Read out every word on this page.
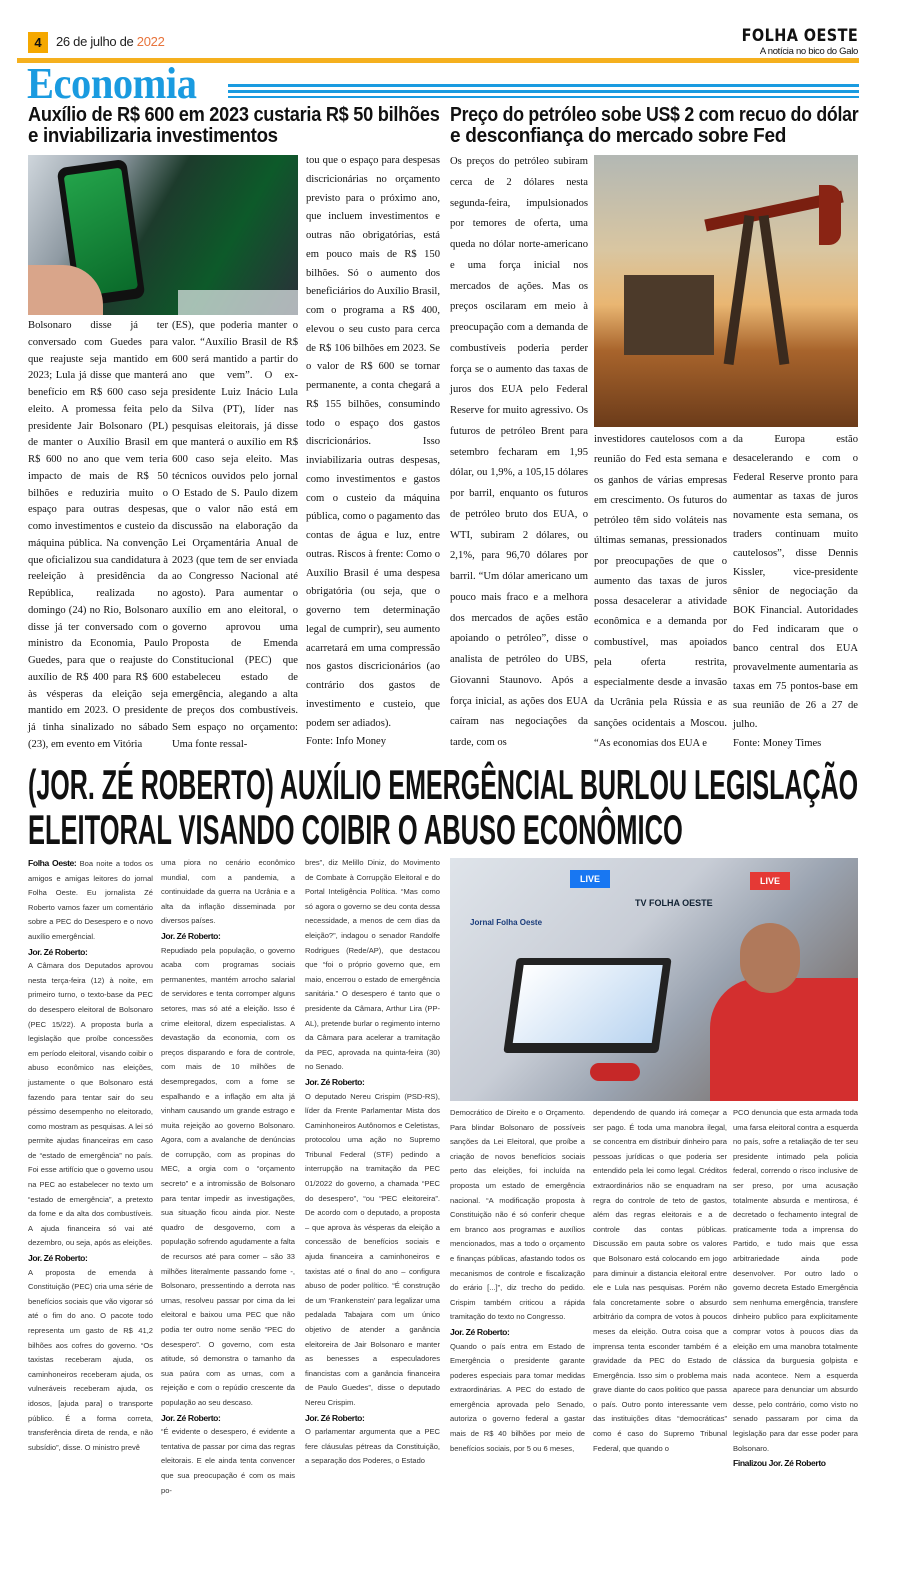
4	26 de julho de 2022	FOLHA OESTE
A notícia no bico do Galo
Economia
Auxílio de R$ 600 em 2023 custaria R$ 50 bilhões
e inviabilizaria investimentos

Bolsonaro disse já ter conversado com Guedes para que reajuste seja mantido em 2023; Lula já disse que manterá benefício em R$ 600 caso seja eleito. A promessa feita pelo presidente Jair Bolsonaro (PL) de manter o Auxílio Brasil em R$ 600 no ano que vem teria impacto de mais de R$ 50 bilhões e reduziria muito o espaço para outras despesas, como investimentos e custeio da máquina pública. Na convenção que oficializou sua candidatura à reeleição à presidência da República, realizada no domingo (24) no Rio, Bolsonaro disse já ter conversado com o ministro da Economia, Paulo Guedes, para que o reajuste do auxílio de R$ 400 para R$ 600 às vésperas da eleição seja mantido em 2023. O presidente já tinha sinalizado no sábado (23), em evento em Vitória

(ES), que poderia manter o valor. “Auxílio Brasil de R$ 600 será mantido a partir do ano que vem”. O ex-presidente Luiz Inácio Lula da Silva (PT), líder nas pesquisas eleitorais, já disse que manterá o auxílio em R$ 600 caso seja eleito. Mas técnicos ouvidos pelo jornal O Estado de S. Paulo dizem que o valor não está em discussão na elaboração da Lei Orçamentária Anual de 2023 (que tem de ser enviada ao Congresso Nacional até agosto). Para aumentar o auxílio em ano eleitoral, o governo aprovou uma Proposta de Emenda Constitucional (PEC) que estabeleceu estado de emergência, alegando a alta de preços dos combustíveis. Sem espaço no orçamento: Uma fonte ressal-

tou que o espaço para despesas discricionárias no orçamento previsto para o próximo ano, que incluem investimentos e outras não obrigatórias, está em pouco mais de R$ 150 bilhões. Só o aumento dos beneficiários do Auxílio Brasil, com o programa a R$ 400, elevou o seu custo para cerca de R$ 106 bilhões em 2023. Se o valor de R$ 600 se tornar permanente, a conta chegará a R$ 155 bilhões, consumindo todo o espaço dos gastos discricionários. Isso inviabilizaria outras despesas, como investimentos e gastos com o custeio da máquina pública, como o pagamento das contas de água e luz, entre outras. Riscos à frente: Como o Auxílio Brasil é uma despesa obrigatória (ou seja, que o governo tem determinação legal de cumprir), seu aumento acarretará em uma compressão nos gastos discricionários (ao contrário dos gastos de investimento e custeio, que podem ser adiados).

Fonte: Info Money

Preço do petróleo sobe US$ 2 com recuo do dólar
e desconfiança do mercado sobre Fed

Os preços do petróleo subiram cerca de 2 dólares nesta segunda-feira, impulsionados por temores de oferta, uma queda no dólar norte-americano e uma força inicial nos mercados de ações. Mas os preços oscilaram em meio à preocupação com a demanda de combustíveis poderia perder força se o aumento das taxas de juros dos EUA pelo Federal Reserve for muito agressivo. Os futuros de petróleo Brent para setembro fecharam em 1,95 dólar, ou 1,9%, a 105,15 dólares por barril, enquanto os futuros de petróleo bruto dos EUA, o WTI, subiram 2 dólares, ou 2,1%, para 96,70 dólares por barril. “Um dólar americano um pouco mais fraco e a melhora dos mercados de ações estão apoiando o petróleo”, disse o analista de petróleo do UBS, Giovanni Staunovo. Após a força inicial, as ações dos EUA caíram nas negociações da tarde, com os

investidores cautelosos com a reunião do Fed esta semana e os ganhos de várias empresas em crescimento. Os futuros do petróleo têm sido voláteis nas últimas semanas, pressionados por preocupações de que o aumento das taxas de juros possa desacelerar a atividade econômica e a demanda por combustível, mas apoiados pela oferta restrita, especialmente desde a invasão da Ucrânia pela Rússia e as sanções ocidentais a Moscou. “As economias dos EUA e

da Europa estão desacelerando e com o Federal Reserve pronto para aumentar as taxas de juros novamente esta semana, os traders continuam muito cautelosos”, disse Dennis Kissler, vice-presidente sênior de negociação da BOK Financial. Autoridades do Fed indicaram que o banco central dos EUA provavelmente aumentaria as taxas em 75 pontos-base em sua reunião de 26 a 27 de julho.

Fonte: Money Times

(JOR. ZÉ ROBERTO) AUXÍLIO EMERGÊNCIAL BURLOU LEGISLAÇÃO
ELEITORAL VISANDO COIBIR O ABUSO ECONÔMICO
LIVE	LIVE
TV FOLHA OESTE
Jornal Folha Oeste

Folha Oeste: Boa noite a todos os amigos e amigas leitores do jornal Folha Oeste. Eu jornalista Zé Roberto vamos fazer um comentário sobre a PEC do Desespero e o novo auxílio emergêncial.

Jor. Zé Roberto:

A Câmara dos Deputados aprovou nesta terça-feira (12) à noite, em primeiro turno, o texto-base da PEC do desespero eleitoral de Bolsonaro (PEC 15/22). A proposta burla a legislação que proíbe concessões em período eleitoral, visando coibir o abuso econômico nas eleições, justamente o que Bolsonaro está fazendo para tentar sair do seu péssimo desempenho no eleitorado, como mostram as pesquisas. A lei só permite ajudas financeiras em caso de “estado de emergência” no país. Foi esse artifício que o governo usou na PEC ao estabelecer no texto um “estado de emergência”, a pretexto da fome e da alta dos combustíveis. A ajuda financeira só vai até dezembro, ou seja, após as eleições.

Jor. Zé Roberto:

A proposta de emenda à Constituição (PEC) cria uma série de benefícios sociais que vão vigorar só até o fim do ano. O pacote todo representa um gasto de R$ 41,2 bilhões aos cofres do governo. “Os taxistas receberam ajuda, os caminhoneiros receberam ajuda, os vulneráveis receberam ajuda, os idosos, [ajuda para] o transporte público. É a forma correta, transferência direta de renda, e não subsídio”, disse. O ministro prevê

uma piora no cenário econômico mundial, com a pandemia, a continuidade da guerra na Ucrânia e a alta da inflação disseminada por diversos países.

Jor. Zé Roberto:

Repudiado pela população, o governo acaba com programas sociais permanentes, mantém arrocho salarial de servidores e tenta corromper alguns setores, mas só até a eleição. Isso é crime eleitoral, dizem especialistas. A devastação da economia, com os preços disparando e fora de controle, com mais de 10 milhões de desempregados, com a fome se espalhando e a inflação em alta já vinham causando um grande estrago e muita rejeição ao governo Bolsonaro. Agora, com a avalanche de denúncias de corrupção, com as propinas do MEC, a orgia com o “orçamento secreto” e a intromissão de Bolsonaro para tentar impedir as investigações, sua situação ficou ainda pior. Neste quadro de desgoverno, com a população sofrendo agudamente a falta de recursos até para comer – são 33 milhões literalmente passando fome -, Bolsonaro, pressentindo a derrota nas urnas, resolveu passar por cima da lei eleitoral e baixou uma PEC que não podia ter outro nome senão “PEC do desespero”. O governo, com esta atitude, só demonstra o tamanho da sua paúra com as urnas, com a rejeição e com o repúdio crescente da população ao seu descaso.

Jor. Zé Roberto:

“É evidente o desespero, é evidente a tentativa de passar por cima das regras eleitorais. E ele ainda tenta convencer que sua preocupação é com os mais po-

bres”, diz Melillo Diniz, do Movimento de Combate à Corrupção Eleitoral e do Portal Inteligência Política. “Mas como só agora o governo se deu conta dessa necessidade, a menos de cem dias da eleição?”, indagou o senador Randolfe Rodrigues (Rede/AP), que destacou que “foi o próprio governo que, em maio, encerrou o estado de emergência sanitária.” O desespero é tanto que o presidente da Câmara, Arthur Lira (PP-AL), pretende burlar o regimento interno da Câmara para acelerar a tramitação da PEC, aprovada na quinta-feira (30) no Senado.

Jor. Zé Roberto:

O deputado Nereu Crispim (PSD-RS), líder da Frente Parlamentar Mista dos Caminhoneiros Autônomos e Celetistas, protocolou uma ação no Supremo Tribunal Federal (STF) pedindo a interrupção na tramitação da PEC 01/2022 do governo, a chamada “PEC do desespero”, “ou “PEC eleitoreira”. De acordo com o deputado, a proposta – que aprova às vésperas da eleição a concessão de benefícios sociais e ajuda financeira a caminhoneiros e taxistas até o final do ano – configura abuso de poder político. “É construção de um ‘Frankenstein’ para legalizar uma pedalada Tabajara com um único objetivo de atender a ganância eleitoreira de Jair Bolsonaro e manter as benesses a especuladores financistas com a ganância financeira de Paulo Guedes”, disse o deputado Nereu Crispim.

Jor. Zé Roberto:

O parlamentar argumenta que a PEC fere cláusulas pétreas da Constituição, a separação dos Poderes, o Estado

Democrático de Direito e o Orçamento. Para blindar Bolsonaro de possíveis sanções da Lei Eleitoral, que proíbe a criação de novos benefícios sociais perto das eleições, foi incluída na proposta um estado de emergência nacional. “A modificação proposta à Constituição não é só conferir cheque em branco aos programas e auxílios mencionados, mas a todo o orçamento e finanças públicas, afastando todos os mecanismos de controle e fiscalização do erário [...]”, diz trecho do pedido. Crispim também criticou a rápida tramitação do texto no Congresso.

Jor. Zé Roberto:

Quando o país entra em Estado de Emergência o presidente garante poderes especiais para tomar medidas extraordinárias. A PEC do estado de emergência aprovada pelo Senado, autoriza o governo federal a gastar mais de R$ 40 bilhões por meio de benefícios sociais, por 5 ou 6 meses,

dependendo de quando irá começar a ser pago. É toda uma manobra ilegal, se concentra em distribuir dinheiro para pessoas jurídicas o que poderia ser entendido pela lei como legal. Créditos extraordinários não se enquadram na regra do controle de teto de gastos, além das regras eleitorais e a de controle das contas públicas. Discussão em pauta sobre os valores que Bolsonaro está colocando em jogo para diminuir a distancia eleitoral entre ele e Lula nas pesquisas. Porém não fala concretamente sobre o absurdo arbitrário da compra de votos à poucos meses da eleição. Outra coisa que a imprensa tenta esconder também é a gravidade da PEC do Estado de Emergência. Isso sim o problema mais grave diante do caos politico que passa o país. Outro ponto interessante vem das instituições ditas “democráticas” como é caso do Supremo Tribunal Federal, que quando o

PCO denuncia que esta armada toda uma farsa eleitoral contra a esquerda no país, sofre a retaliação de ter seu presidente intimado pela policia federal, correndo o risco inclusive de ser preso, por uma acusação totalmente absurda e mentirosa, é decretado o fechamento integral de praticamente toda a imprensa do Partido, e tudo mais que essa arbitrariedade ainda pode desenvolver. Por outro lado o governo decreta Estado Emergência sem nenhuma emergência, transfere dinheiro publico para explicitamente comprar votos à poucos dias da eleição em uma manobra totalmente clássica da burguesia golpista e nada acontece. Nem a esquerda aparece para denunciar um absurdo desse, pelo contrário, como visto no senado passaram por cima da legislação para dar esse poder para Bolsonaro.

Finalizou Jor. Zé Roberto
